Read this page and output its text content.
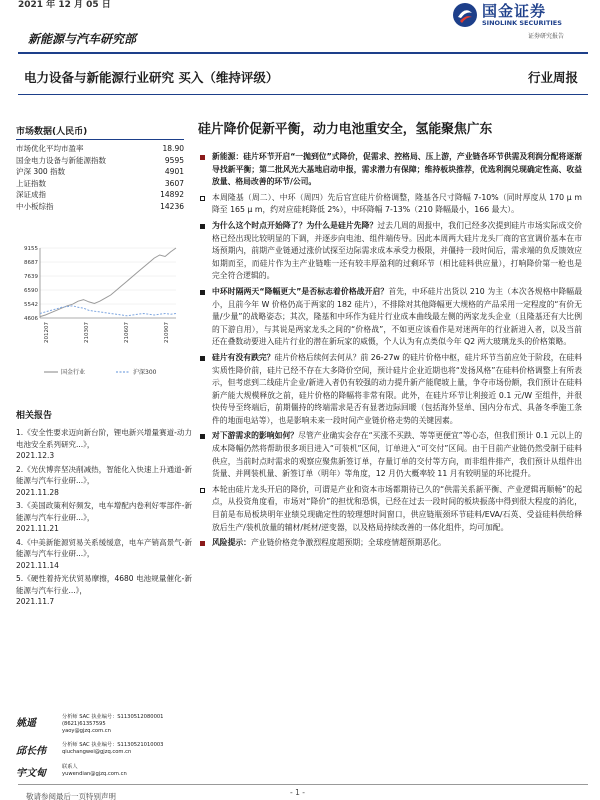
2021 年 12 月 05 日	国金证券
SINOLINK SECURITIES
证券研究报告
新能源与汽车研究部
电力设备与新能源行业研究 买入（维持评级）	行业周报
市场数据(人民币)
市场优化平均市盈率	18.90
国金电力设备与新能源指数	9595
沪深 300 指数	4901
上证指数	3607
深证成指	14892
中小板综指	14236
9155
8687
7639
6590
5542
4606
201207	210307	210607	210907
国金行业	沪深300
相关报告
1.《安全性要求迈向新台阶，锂电新兴增量赛道-动力电池安全系列研究...》，
2021.12.3
2.《光伏博弈坚决削减热，智能化入快速上升通道-新能源与汽车行业研...》，
2021.11.28
3.《美国政策利好频发，电车增配内卷利好零部件-新能源与汽车行业研...》，
2021.11.21
4.《中美新能源贸易关系缓缓意，电车产销高景气-新能源与汽车行业研...》，
2021.11.14
5.《硬性着持光伏贸易摩擦，4680 电池规量催化-新能源与汽车行业...》，
2021.11.7
姚遥
分析师 SAC 执业编号：S1130512080001
(8621)61357595
yaoy@gjzq.com.cn
邱长伟
分析师 SAC 执业编号：S1130521010003
qiuchangwei@gjzq.com.cn
宇文甸
联系人
yuwendian@gjzq.com.cn
硅片降价促新平衡，动力电池重安全，氢能聚焦广东
新能源：硅片环节开启“一抛到位”式降价，促需求、控格局、压上游，产业链各环节供需及利润分配将逐渐导找新平衡；第二批风光大基地启动申报，需求潜力有保障；维持板块推荐，优选利润兑现确定性高、收益放量、格局改善的环节/公司。
本周隆基（周二）、中环（周四）先后官宣硅片价格调整，隆基各尺寸降幅 7-10%（同时厚度从 170 μ m 降至 165 μ m，约对应硅耗降低 2%），中环降幅 7-13%（210 降幅最小，166 最大）。
为什么这个时点开始降了？为什么是硅片先降？过去几周的周报中，我们已经多次提到硅片市场实际成交价格已经出现比较明显的下调，并逐步向电池、组件端传导。因此本周两大硅片龙头厂商的官宣调价基本在市场预期内，前期产业链通过涨价试探至边际需求成本承受力极限，并僵持一段时间后，需求端的负反馈效应如期而至，而硅片作为主产业链唯一还有较丰厚盈利的过剩环节（相比硅料供应量），打响降价第一枪也是完全符合逻辑的。
中环时隔两天“降幅更大”是否标志着价格战开启？首先，中环硅片出货以 210 为主（本次各规格中降幅最小，且前今年 W 价格仍高于两家的 182 硅片），不排除对其他降幅更大规格的产品采用一定程度的“有价无量/少量”的战略姿态；其次，隆基和中环作为硅片行业成本曲线最左侧的两家龙头企业（且隆基还有大比例的下游自用），与其说是两家龙头之间的“价格战”，不如更应该看作是对迷两年的行业新进入者，以及当前还在叠数动要进入硅片行业的潜在新玩家的威慑，个人认为有点类似今年 Q2 两大玻璃龙头的价格策略。
硅片有没有跌完？硅片价格后续何去何从？前 26-27w 的硅片价格中枢，硅片环节当前应处于阶段，在硅料实质性降价前，硅片已经不存在大多降价空间，预计硅片企业近期也将“发扬风格”在硅料价格调整上有所表示，但考虑到二线硅片企业/新进入者仍有较强的动力提升新产能爬坡上量，争夺市场份额，我们预计在硅料新产能大规模释放之前，硅片价格的降幅将非常有限。此外，在硅片环节让利接近 0.1 元/W 至组件，并很快传导至终端后，前期僵持的终端需求是否有显著边际回暖（包括海外竖单、国内分布式、具备冬季施工条件的地面电站等），也是影响未来一段时间产业链价格走势的关键因素。
对下游需求的影响如何？尽管产业确实会存在“买涨不买跌、等等更便宜”等心态，但我们预计 0.1 元以上的成本降幅仍然将帮助很多项目进入“可装机”区间，订单进入“可交付”区间。由于目前产业链仍然受制于硅料供应，当前时点时需求的观察应聚焦新签订单，存量订单的交付等方向，而非组件排产，我们预计从组件出货量、并网装机量、新签订单（明年）等角度，12 月仍大概率较 11 月有较明显的环比提升。
本轮由硅片龙头开启的降价，可谓是产业和资本市场都期待已久的“供需关系新平衡、产业逻辑再顺畅”的起点，从投资角度看，市场对“降价”的担忧和恐惧，已经在过去一段时间的板块振荡中得到很大程度的消化，目前是布局板块明年业绩兑现确定性的较理想时间窗口，供应链瓶颈环节硅料/EVA/石英、受益硅料供给释放后生产/装机放量的辅材/耗材/逆变器，以及格局持续改善的一体化组件，均可加配。
风险提示：产业链价格竞争激烈程度超预期；全球疫情超预期恶化。
敬请参阅最后一页特别声明	- 1 -
